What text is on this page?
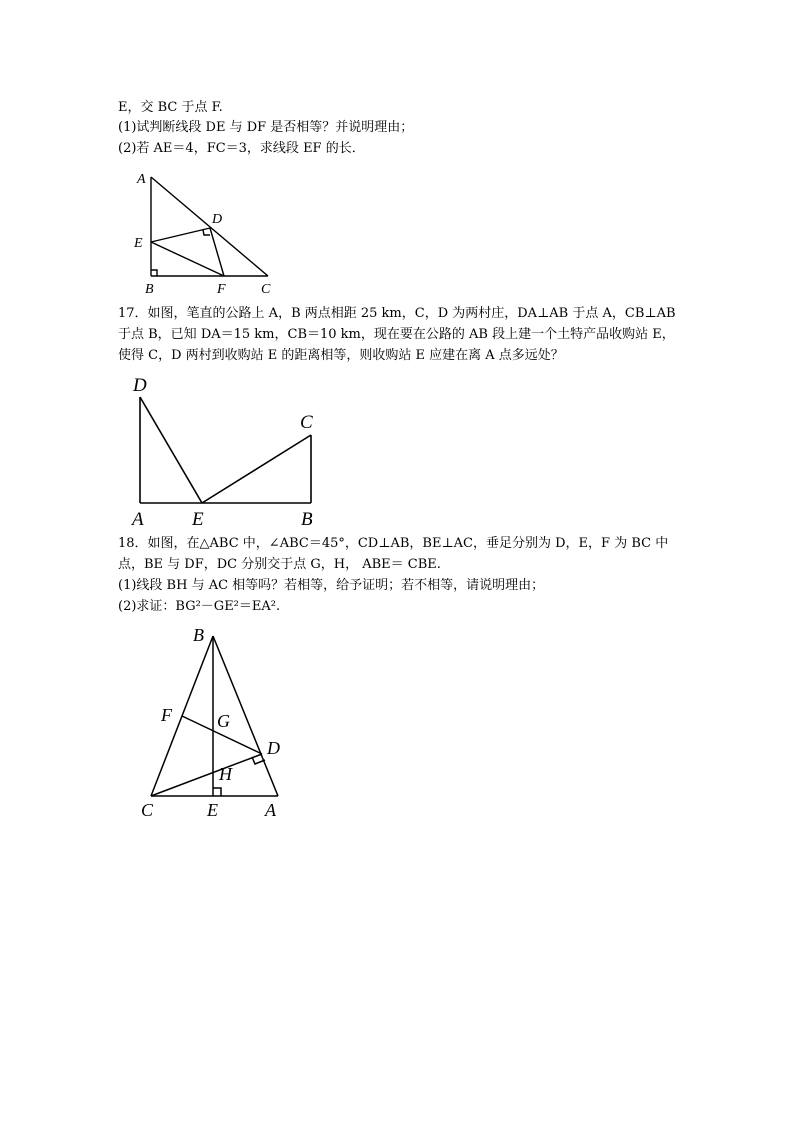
E，交 BC 于点 F.
(1)试判断线段 DE 与 DF 是否相等？并说明理由；
(2)若 AE＝4，FC＝3，求线段 EF 的长．
A
D
E
B	F	C
17．如图，笔直的公路上 A，B 两点相距 25 km，C，D 为两村庄，DA⊥AB 于点 A，CB⊥AB
于点 B，已知 DA＝15 km，CB＝10 km，现在要在公路的 AB 段上建一个土特产品收购站 E，
使得 C，D 两村到收购站 E 的距离相等，则收购站 E 应建在离 A 点多远处？
D
C
A	E	B
18．如图，在△ABC 中，∠ABC＝45°，CD⊥AB，BE⊥AC，垂足分别为 D，E，F 为 BC 中
点，BE 与 DF，DC 分别交于点 G，H， ABE＝ CBE.
(1)线段 BH 与 AC 相等吗？若相等，给予证明；若不相等，请说明理由；
(2)求证：BG²－GE²＝EA².
B
F	G
D
H
C	E	A
